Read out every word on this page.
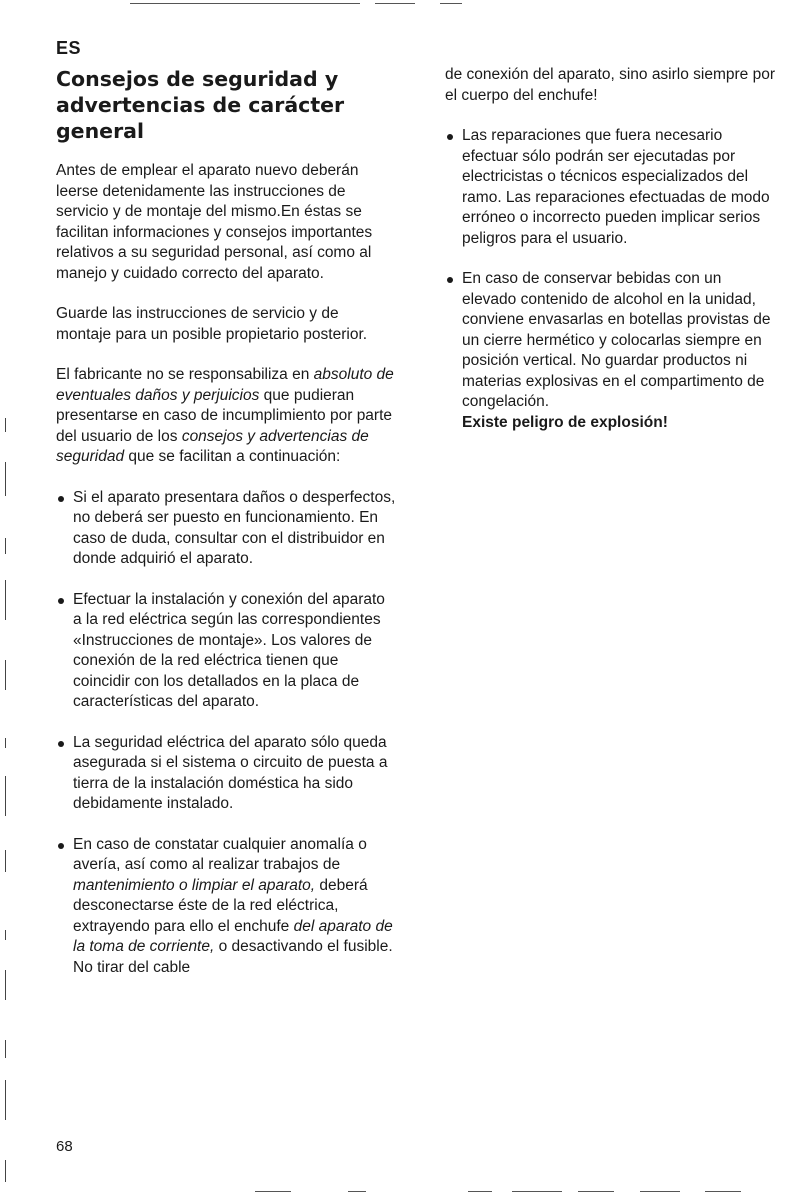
ES
Consejos de seguridad y advertencias de carácter general

Antes de emplear el aparato nuevo deberán leerse detenidamente las instrucciones de servicio y de montaje del mismo.En éstas se facilitan informaciones y consejos importantes relativos a su seguridad personal, así como al manejo y cuidado correcto del aparato.

Guarde las instrucciones de servicio y de montaje para un posible propietario posterior.

El fabricante no se responsabiliza en absoluto de eventuales daños y perjuicios que pudieran presentarse en caso de incumplimiento por parte del usuario de los consejos y advertencias de seguridad que se facilitan a continuación:

Si el aparato presentara daños o desperfectos, no deberá ser puesto en funcionamiento. En caso de duda, consultar con el distribuidor en donde adquirió el aparato.
Efectuar la instalación y conexión del aparato a la red eléctrica según las correspondientes «Instrucciones de montaje». Los valores de conexión de la red eléctrica tienen que coincidir con los detallados en la placa de características del aparato.
La seguridad eléctrica del aparato sólo queda asegurada si el sistema o circuito de puesta a tierra de la instalación doméstica ha sido debidamente instalado.
En caso de constatar cualquier anomalía o avería, así como al realizar trabajos de mantenimiento o limpiar el aparato, deberá desconectarse éste de la red eléctrica, extrayendo para ello el enchufe del aparato de la toma de corriente, o desactivando el fusible. No tirar del cable

de conexión del aparato, sino asirlo siempre por el cuerpo del enchufe!

Las reparaciones que fuera necesario efectuar sólo podrán ser ejecutadas por electricistas o técnicos especializados del ramo. Las reparaciones efectuadas de modo erróneo o incorrecto pueden implicar serios peligros para el usuario.
En caso de conservar bebidas con un elevado contenido de alcohol en la unidad, conviene envasarlas en botellas provistas de un cierre hermético y colocarlas siempre en posición vertical. No guardar productos ni materias explosivas en el compartimento de congelación.
Existe peligro de explosión!
68
